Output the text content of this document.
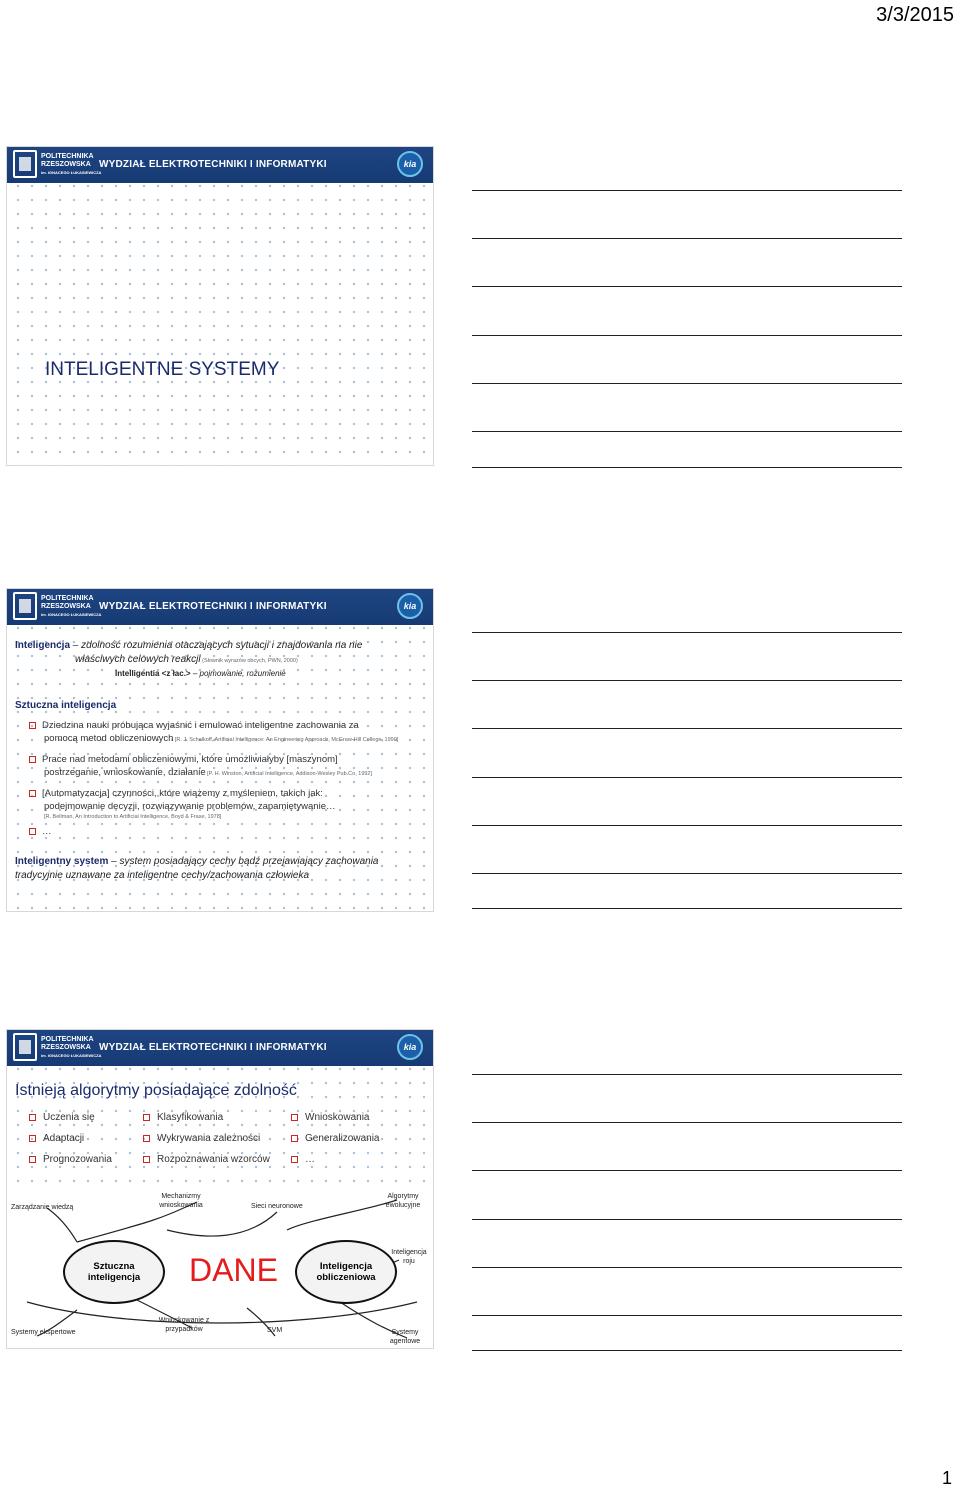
3/3/2015
POLITECHNIKA
RZESZOWSKA
im. IGNACEGO ŁUKASIEWICZA
WYDZIAŁ ELEKTROTECHNIKI I INFORMATYKI	kia
INTELIGENTNE SYSTEMY
POLITECHNIKA
RZESZOWSKA
im. IGNACEGO ŁUKASIEWICZA
WYDZIAŁ ELEKTROTECHNIKI I INFORMATYKI	kia
Inteligencja – zdolność rozumienia otaczających sytuacji i znajdowania na nie
właściwych celowych reakcji (Słownik wyrazów obcych, PWN, 2000)
Intelligentia <z łac.> – pojmowanie, rozumienie
Sztuczna inteligencja
Dziedzina nauki próbująca wyjaśnić i emulować inteligentne zachowania za
pomocą metod obliczeniowych [R. J. Schalkoff, Artificial Intelligence: An Engineering Approach, McGraw-Hill College, 1990]
Prace nad metodami obliczeniowymi, które umożliwiałyby [maszynom]
postrzeganie, wnioskowanie, działanie [P. H. Winston, Artificial Intelligence, Addison-Wesley Pub.Co, 1992]
[Automatyzacja] czynności, które wiążemy z myśleniem, takich jak:
podejmowanie decyzji, rozwiązywanie problemów, zapamiętywanie…
[R. Bellman, An Introduction to Artificial Intelligence, Boyd & Frase, 1978]
…
Inteligentny system – system posiadający cechy bądź przejawiający zachowania
tradycyjnie uznawane za inteligentne cechy/zachowania człowieka
POLITECHNIKA
RZESZOWSKA
im. IGNACEGO ŁUKASIEWICZA
WYDZIAŁ ELEKTROTECHNIKI I INFORMATYKI	kia
Istnieją algorytmy posiadające zdolność
Uczenia się
Adaptacji
Prognozowania
Klasyfikowania
Wykrywania zależności
Rozpoznawania wzorców
Wnioskowania
Generalizowania
…
Zarządzanie wiedzą
Mechanizmy wnioskowania	Sieci neuronowe
Algorytmy ewolucyjne
Inteligencja roju
Systemy ekspertowe
Wnioskowanie z przypadków	SVM	Systemy agentowe
Sztuczna inteligencja
Inteligencja obliczeniowa
DANE
1
